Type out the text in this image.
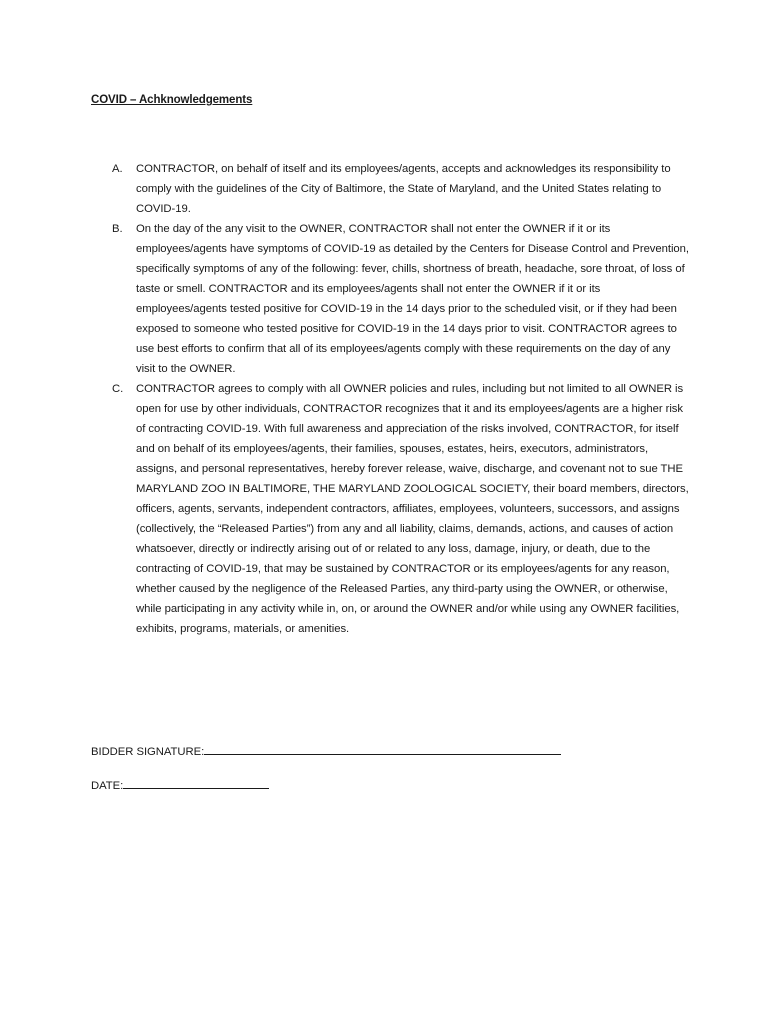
COVID – Achknowledgements
A. CONTRACTOR, on behalf of itself and its employees/agents, accepts and acknowledges its responsibility to comply with the guidelines of the City of Baltimore, the State of Maryland, and the United States relating to COVID-19.
B. On the day of the any visit to the OWNER, CONTRACTOR shall not enter the OWNER if it or its employees/agents have symptoms of COVID-19 as detailed by the Centers for Disease Control and Prevention, specifically symptoms of any of the following: fever, chills, shortness of breath, headache, sore throat, of loss of taste or smell. CONTRACTOR and its employees/agents shall not enter the OWNER if it or its employees/agents tested positive for COVID-19 in the 14 days prior to the scheduled visit, or if they had been exposed to someone who tested positive for COVID-19 in the 14 days prior to visit. CONTRACTOR agrees to use best efforts to confirm that all of its employees/agents comply with these requirements on the day of any visit to the OWNER.
C. CONTRACTOR agrees to comply with all OWNER policies and rules, including but not limited to all OWNER is open for use by other individuals, CONTRACTOR recognizes that it and its employees/agents are a higher risk of contracting COVID-19. With full awareness and appreciation of the risks involved, CONTRACTOR, for itself and on behalf of its employees/agents, their families, spouses, estates, heirs, executors, administrators, assigns, and personal representatives, hereby forever release, waive, discharge, and covenant not to sue THE MARYLAND ZOO IN BALTIMORE, THE MARYLAND ZOOLOGICAL SOCIETY, their board members, directors, officers, agents, servants, independent contractors, affiliates, employees, volunteers, successors, and assigns (collectively, the “Released Parties”) from any and all liability, claims, demands, actions, and causes of action whatsoever, directly or indirectly arising out of or related to any loss, damage, injury, or death, due to the contracting of COVID-19, that may be sustained by CONTRACTOR or its employees/agents for any reason, whether caused by the negligence of the Released Parties, any third-party using the OWNER, or otherwise, while participating in any activity while in, on, or around the OWNER and/or while using any OWNER facilities, exhibits, programs, materials, or amenities.
BIDDER SIGNATURE:
DATE:
